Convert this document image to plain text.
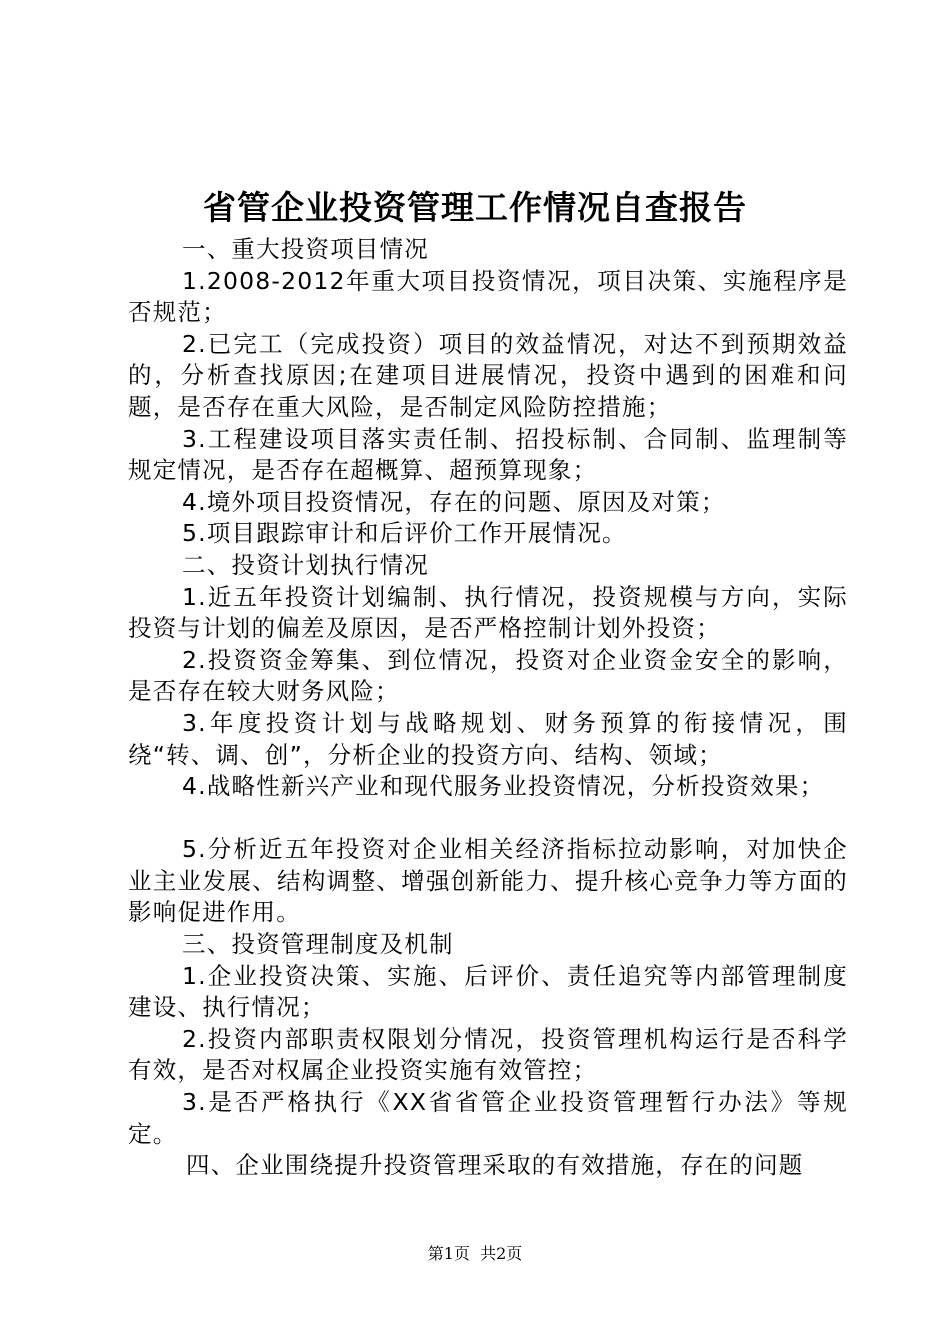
省管企业投资管理工作情况自查报告

一、重大投资项目情况

1.2008-2012年重大项目投资情况，项目决策、实施程序是否规范；

2.已完工（完成投资）项目的效益情况，对达不到预期效益的，分析查找原因;在建项目进展情况，投资中遇到的困难和问题，是否存在重大风险，是否制定风险防控措施；

3.工程建设项目落实责任制、招投标制、合同制、监理制等规定情况，是否存在超概算、超预算现象；

4.境外项目投资情况，存在的问题、原因及对策；

5.项目跟踪审计和后评价工作开展情况。

二、投资计划执行情况

1.近五年投资计划编制、执行情况，投资规模与方向，实际投资与计划的偏差及原因，是否严格控制计划外投资；

2.投资资金筹集、到位情况，投资对企业资金安全的影响，是否存在较大财务风险；

3.年度投资计划与战略规划、财务预算的衔接情况，围绕“转、调、创”，分析企业的投资方向、结构、领域；

4.战略性新兴产业和现代服务业投资情况，分析投资效果；

5.分析近五年投资对企业相关经济指标拉动影响，对加快企业主业发展、结构调整、增强创新能力、提升核心竞争力等方面的影响促进作用。

三、投资管理制度及机制

1.企业投资决策、实施、后评价、责任追究等内部管理制度建设、执行情况；

2.投资内部职责权限划分情况，投资管理机构运行是否科学有效，是否对权属企业投资实施有效管控；

3.是否严格执行《XX省省管企业投资管理暂行办法》等规定。

四、企业围绕提升投资管理采取的有效措施，存在的问题

第1页  共2页
